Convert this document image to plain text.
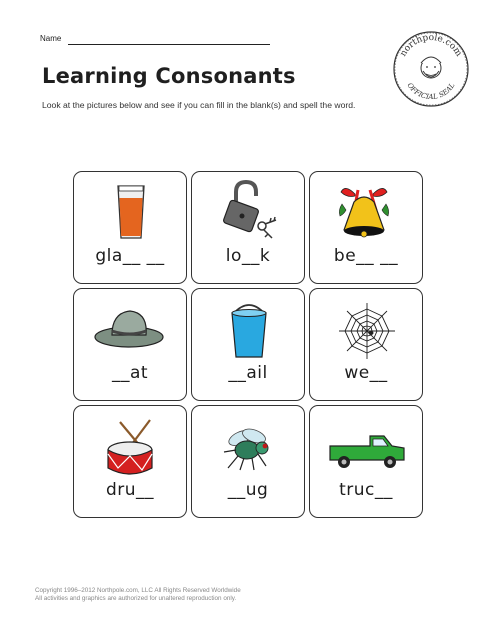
Name
Learning Consonants
Look at the pictures below and see if you can fill in the blank(s) and spell the word.
northpole.com
OFFICIAL SEAL
gla__ __	lo__k	be__ __
__at	__ail	we__
dru__	__ug	truc__
Copyright 1996–2012 Northpole.com, LLC All Rights Reserved Worldwide
All activities and graphics are authorized for unaltered reproduction only.
